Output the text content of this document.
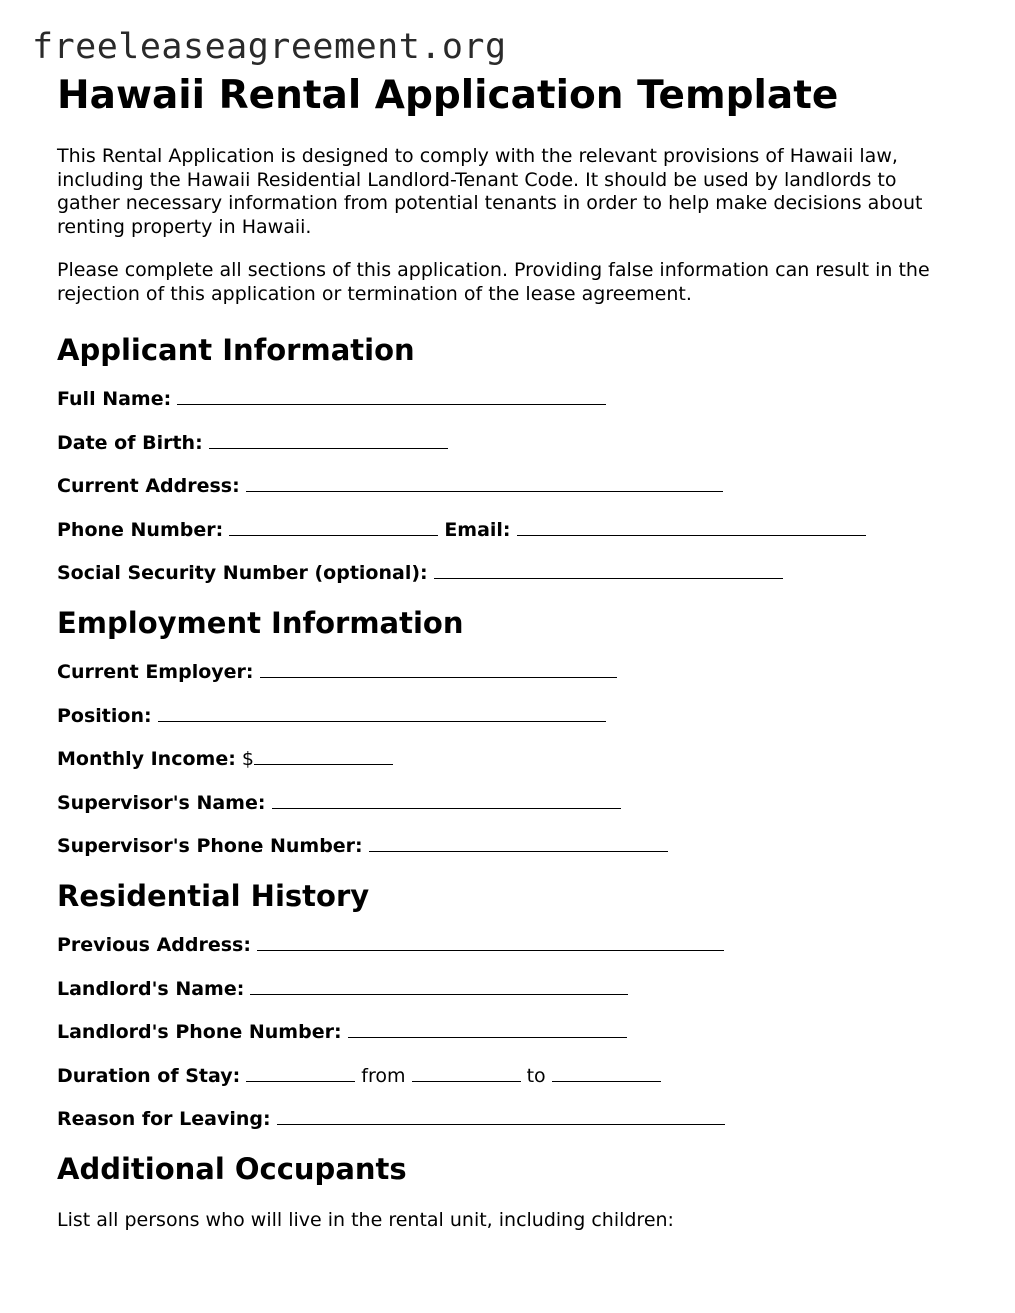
freeleaseagreement.org
Hawaii Rental Application Template

This Rental Application is designed to comply with the relevant provisions of Hawaii law, including the Hawaii Residential Landlord-Tenant Code. It should be used by landlords to gather necessary information from potential tenants in order to help make decisions about renting property in Hawaii.

Please complete all sections of this application. Providing false information can result in the rejection of this application or termination of the lease agreement.

Applicant Information
Full Name:
Date of Birth:
Current Address:
Phone Number:	Email:
Social Security Number (optional):
Employment Information
Current Employer:
Position:
Monthly Income: $
Supervisor's Name:
Supervisor's Phone Number:
Residential History
Previous Address:
Landlord's Name:
Landlord's Phone Number:
Duration of Stay:	from	to
Reason for Leaving:
Additional Occupants
List all persons who will live in the rental unit, including children:
